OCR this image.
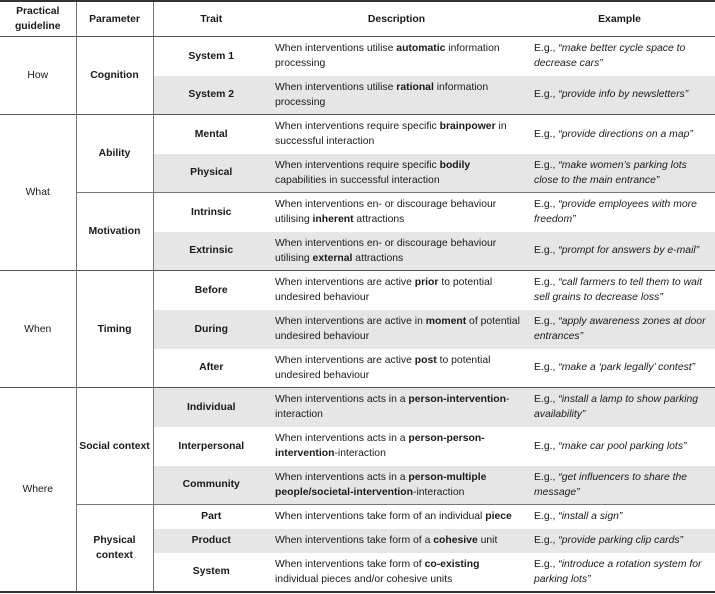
Practical guideline	Parameter	Trait	Description	Example
How	Cognition	System 1	When interventions utilise automatic information processing	E.g., “make better cycle space to decrease cars”
		System 2	When interventions utilise rational information processing	E.g., “provide info by newsletters”
What	Ability	Mental	When interventions require specific brainpower in successful interaction	E.g., “provide directions on a map”
		Physical	When interventions require specific bodily capabilities in successful interaction	E.g., “make women’s parking lots close to the main entrance”
	Motivation	Intrinsic	When interventions en- or discourage behaviour utilising inherent attractions	E.g., “provide employees with more freedom”
		Extrinsic	When interventions en- or discourage behaviour utilising external attractions	E.g., “prompt for answers by e-mail”
When	Timing	Before	When interventions are active prior to potential undesired behaviour	E.g., “call farmers to tell them to wait sell grains to decrease loss”
		During	When interventions are active in moment of potential undesired behaviour	E.g., “apply awareness zones at door entrances”
		After	When interventions are active post to potential undesired behaviour	E.g., “make a ‘park legally’ contest”
Where	Social context	Individual	When interventions acts in a person-intervention-interaction	E.g., “install a lamp to show parking availability”
		Interpersonal	When interventions acts in a person-person-intervention-interaction	E.g., “make car pool parking lots”
		Community	When interventions acts in a person-multiple people/societal-intervention-interaction	E.g., “get influencers to share the message”
	Physical context	Part	When interventions take form of an individual piece	E.g., “install a sign”
		Product	When interventions take form of a cohesive unit	E.g., “provide parking clip cards”
		System	When interventions take form of co-existing individual pieces and/or cohesive units	E.g., “introduce a rotation system for parking lots”
